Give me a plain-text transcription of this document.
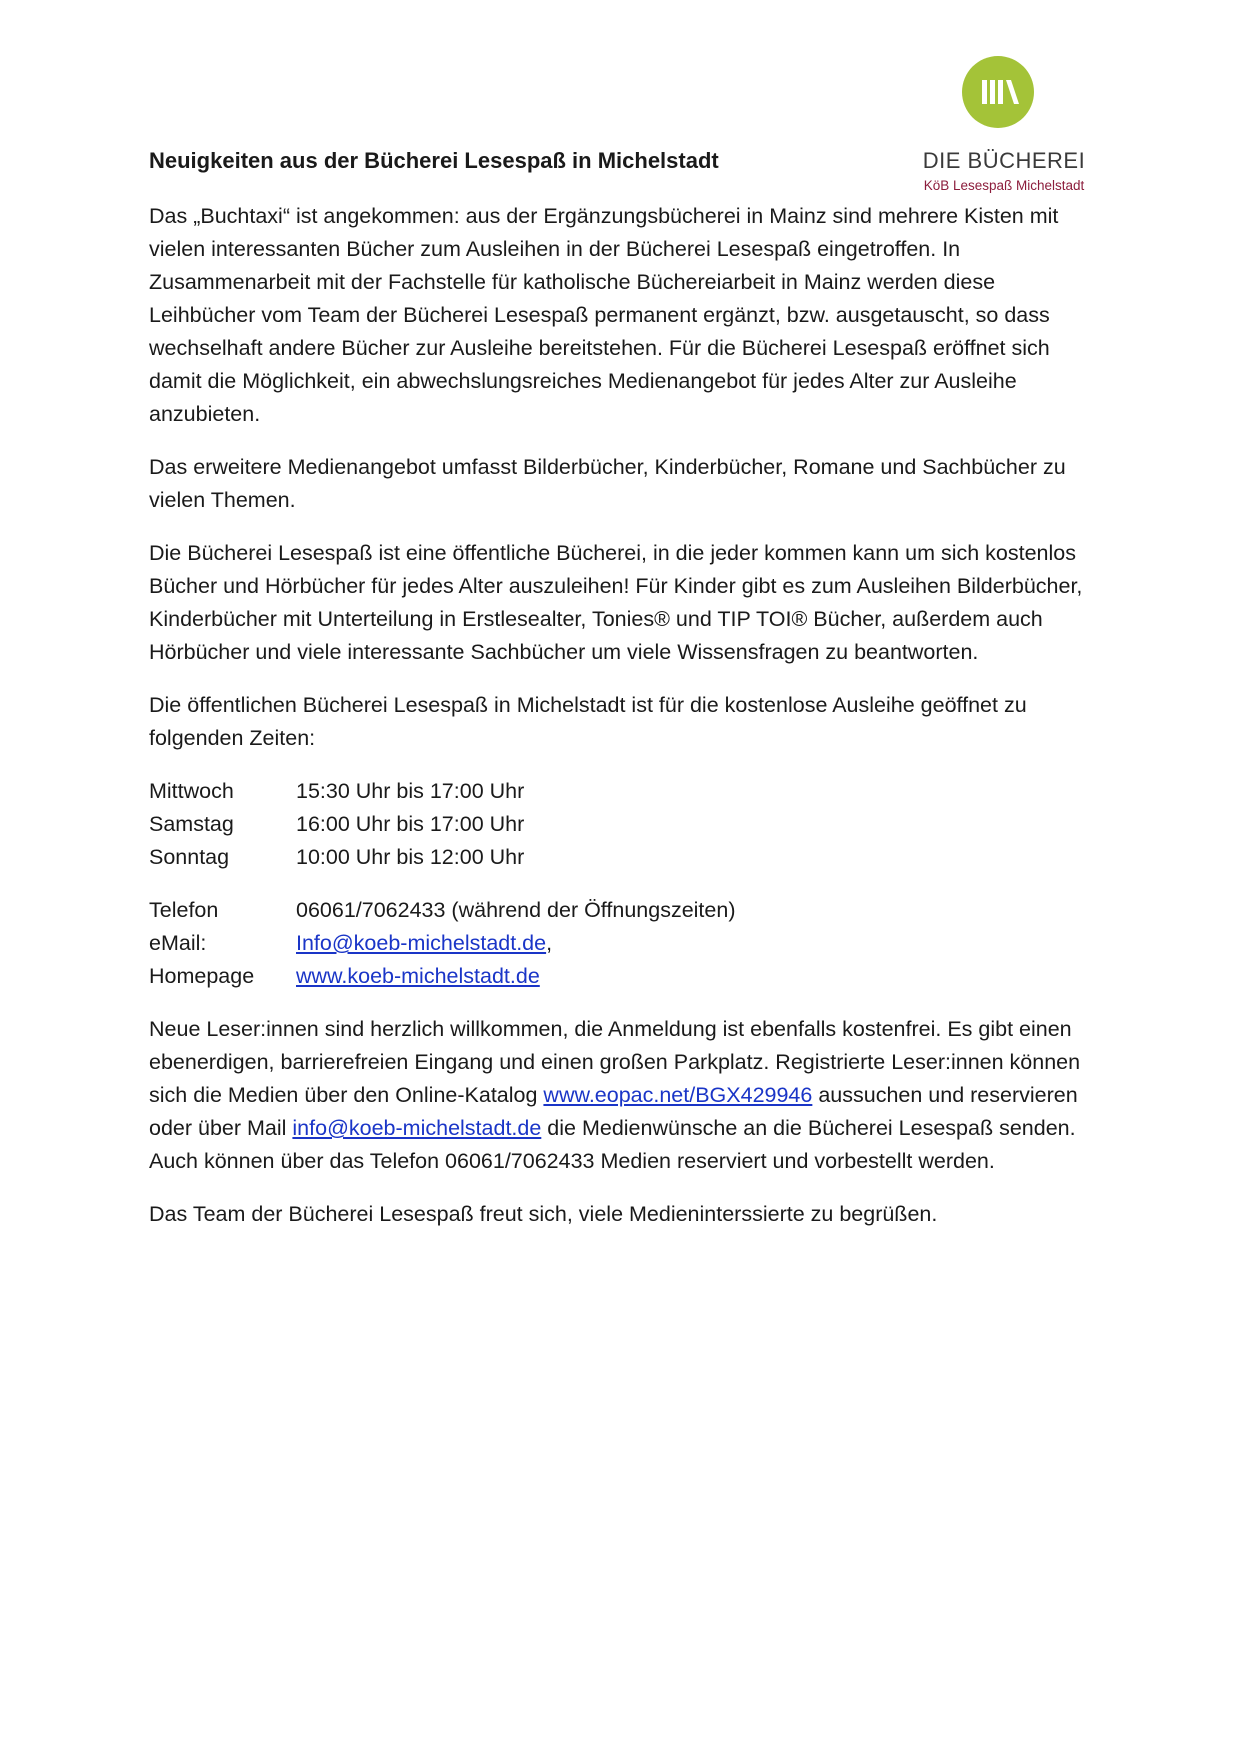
DIE BÜCHEREI
KöB Lesespaß Michelstadt
Neuigkeiten aus der Bücherei Lesespaß in Michelstadt

Das „Buchtaxi“ ist angekommen: aus der Ergänzungsbücherei in Mainz sind mehrere Kisten mit vielen interessanten Bücher zum Ausleihen in der Bücherei Lesespaß eingetroffen. In Zusammenarbeit mit der Fachstelle für katholische Büchereiarbeit in Mainz werden diese Leihbücher vom Team der Bücherei Lesespaß permanent ergänzt, bzw. ausgetauscht, so dass wechselhaft andere Bücher zur Ausleihe bereitstehen. Für die Bücherei Lesespaß eröffnet sich damit die Möglichkeit, ein abwechslungsreiches Medienangebot für jedes Alter zur Ausleihe anzubieten.

Das erweitere Medienangebot umfasst Bilderbücher, Kinderbücher, Romane und Sachbücher zu vielen Themen.

Die Bücherei Lesespaß ist eine öffentliche Bücherei, in die jeder kommen kann um sich kostenlos Bücher und Hörbücher für jedes Alter auszuleihen! Für Kinder gibt es zum Ausleihen Bilderbücher, Kinderbücher mit Unterteilung in Erstlesealter, Tonies® und TIP TOI® Bücher, außerdem auch Hörbücher und viele interessante Sachbücher um viele Wissensfragen zu beantworten.

Die öffentlichen Bücherei Lesespaß in Michelstadt ist für die kostenlose Ausleihe geöffnet zu folgenden Zeiten:

Mittwoch	15:30 Uhr bis 17:00 Uhr
Samstag	16:00 Uhr bis 17:00 Uhr
Sonntag	10:00 Uhr bis 12:00 Uhr
Telefon	06061/7062433 (während der Öffnungszeiten)
eMail:	Info@koeb-michelstadt.de,
Homepage	www.koeb-michelstadt.de

Neue Leser:innen sind herzlich willkommen, die Anmeldung ist ebenfalls kostenfrei. Es gibt einen ebenerdigen, barrierefreien Eingang und einen großen Parkplatz. Registrierte Leser:innen können sich die Medien über den Online-Katalog www.eopac.net/BGX429946 aussuchen und reservieren oder über Mail info@koeb-michelstadt.de die Medienwünsche an die Bücherei Lesespaß senden. Auch können über das Telefon 06061/7062433 Medien reserviert und vorbestellt werden.

Das Team der Bücherei Lesespaß freut sich, viele Medieninterssierte zu begrüßen.
